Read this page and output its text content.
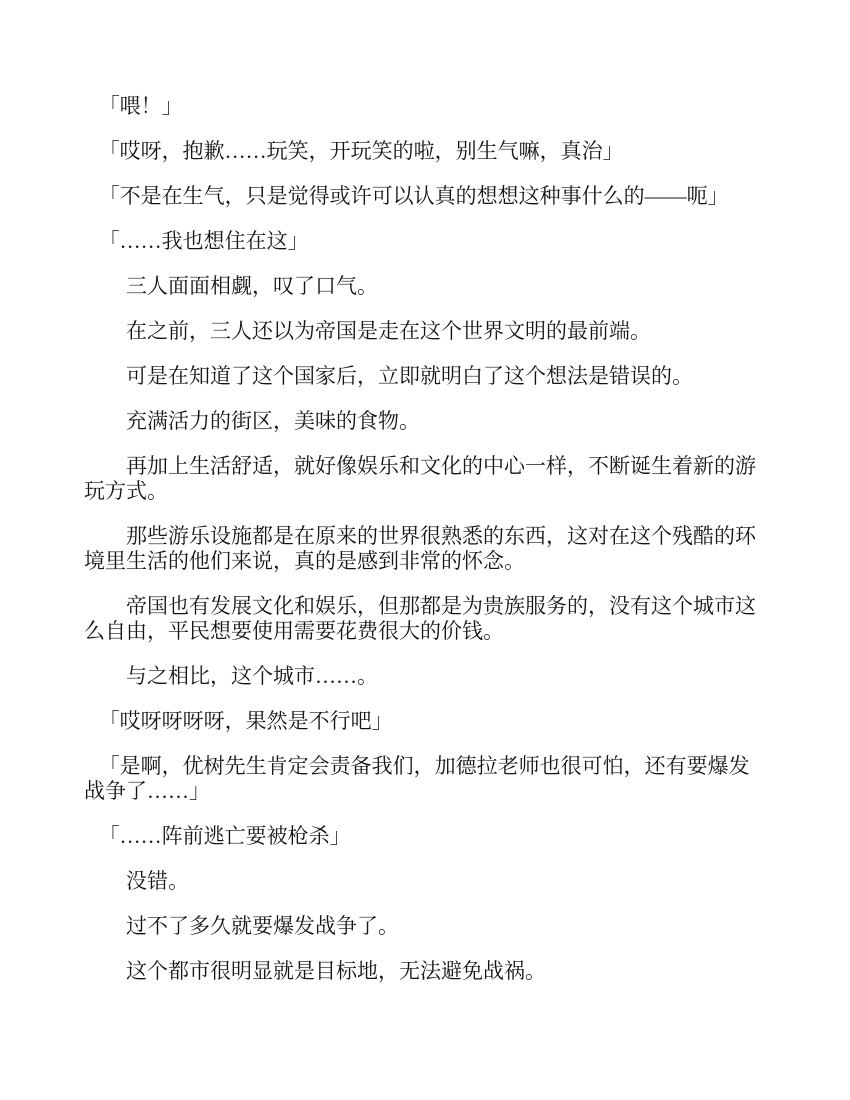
「喂！」

「哎呀，抱歉……玩笑，开玩笑的啦，别生气嘛，真治」

「不是在生气，只是觉得或许可以认真的想想这种事什么的——呃」

「……我也想住在这」

三人面面相觑，叹了口气。

在之前，三人还以为帝国是走在这个世界文明的最前端。

可是在知道了这个国家后，立即就明白了这个想法是错误的。

充满活力的街区，美味的食物。

再加上生活舒适，就好像娱乐和文化的中心一样，不断诞生着新的游玩方式。

那些游乐设施都是在原来的世界很熟悉的东西，这对在这个残酷的环境里生活的他们来说，真的是感到非常的怀念。

帝国也有发展文化和娱乐，但那都是为贵族服务的，没有这个城市这么自由，平民想要使用需要花费很大的价钱。

与之相比，这个城市……。

「哎呀呀呀呀，果然是不行吧」

「是啊，优树先生肯定会责备我们，加德拉老师也很可怕，还有要爆发战争了……」

「……阵前逃亡要被枪杀」

没错。

过不了多久就要爆发战争了。

这个都市很明显就是目标地，无法避免战祸。
